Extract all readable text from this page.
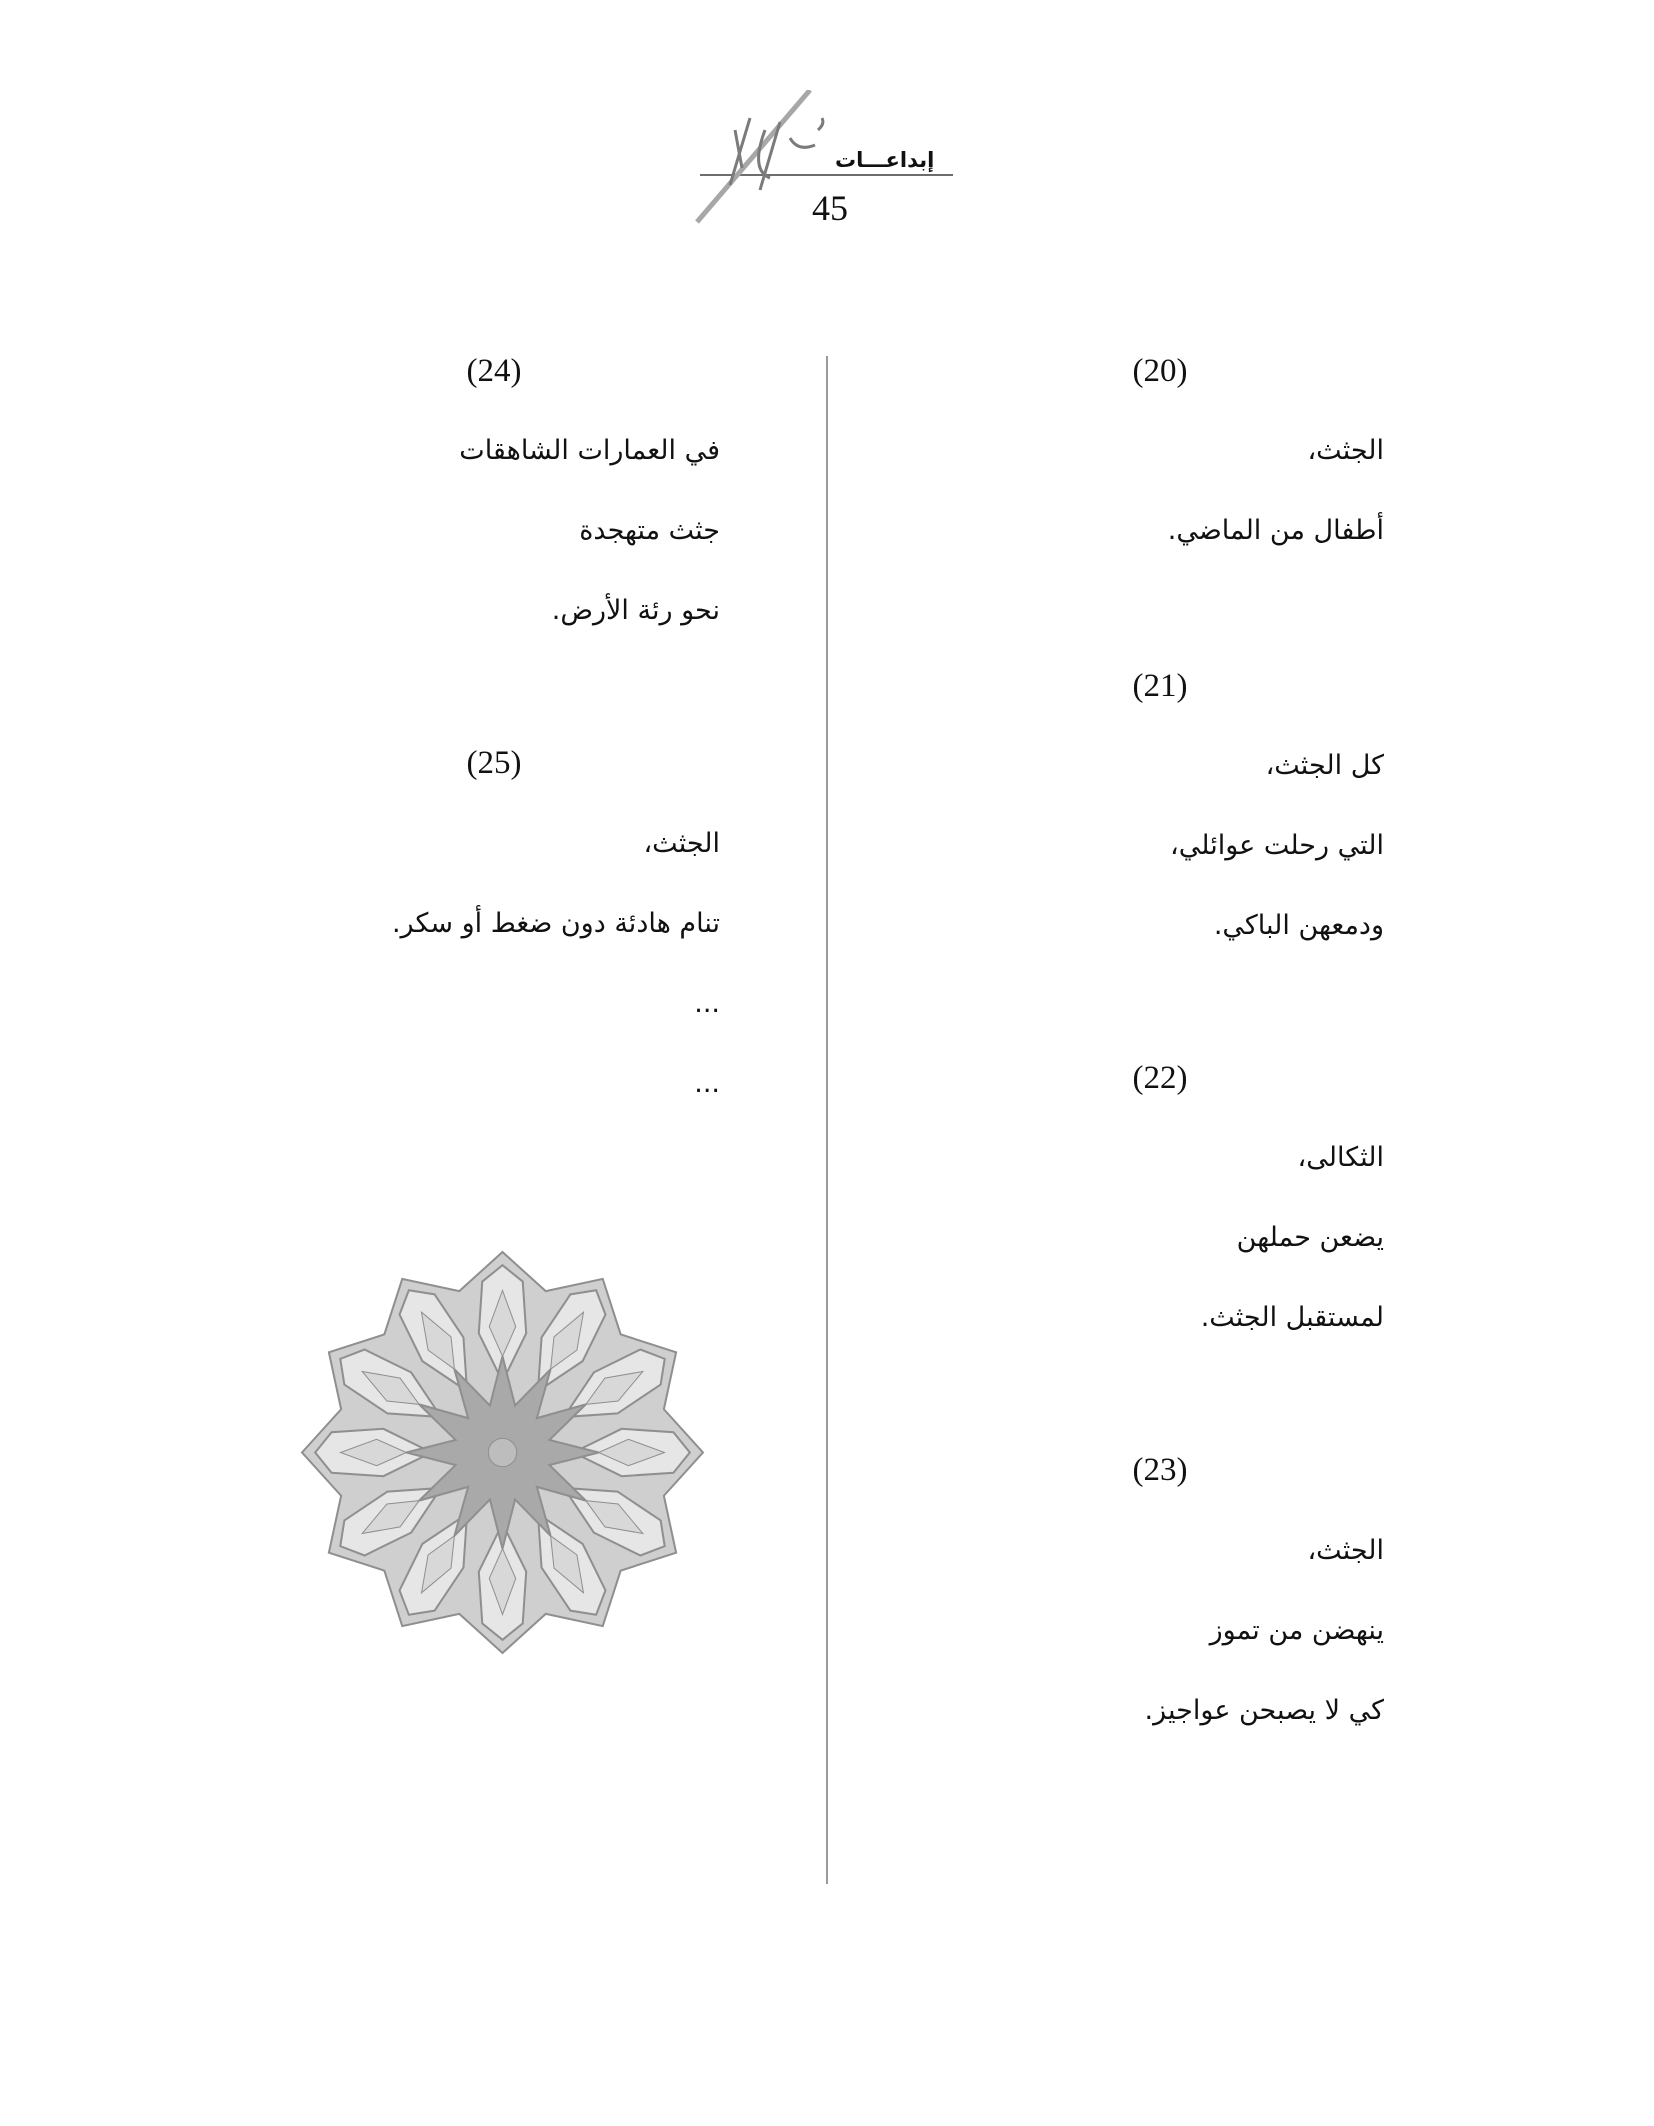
إبداعـــات
45
(20)
الجثث،
أطفال من الماضي.
(21)
كل الجثث،
التي رحلت عوائلي،
ودمعهن الباكي.
(22)
الثكالى،
يضعن حملهن
لمستقبل الجثث.
(23)
الجثث،
ينهضن من تموز
كي لا يصبحن عواجيز.
(24)
في العمارات الشاهقات
جثث متهجدة
نحو رئة الأرض.
(25)
الجثث،
تنام هادئة دون ضغط أو سكر.
...
...
